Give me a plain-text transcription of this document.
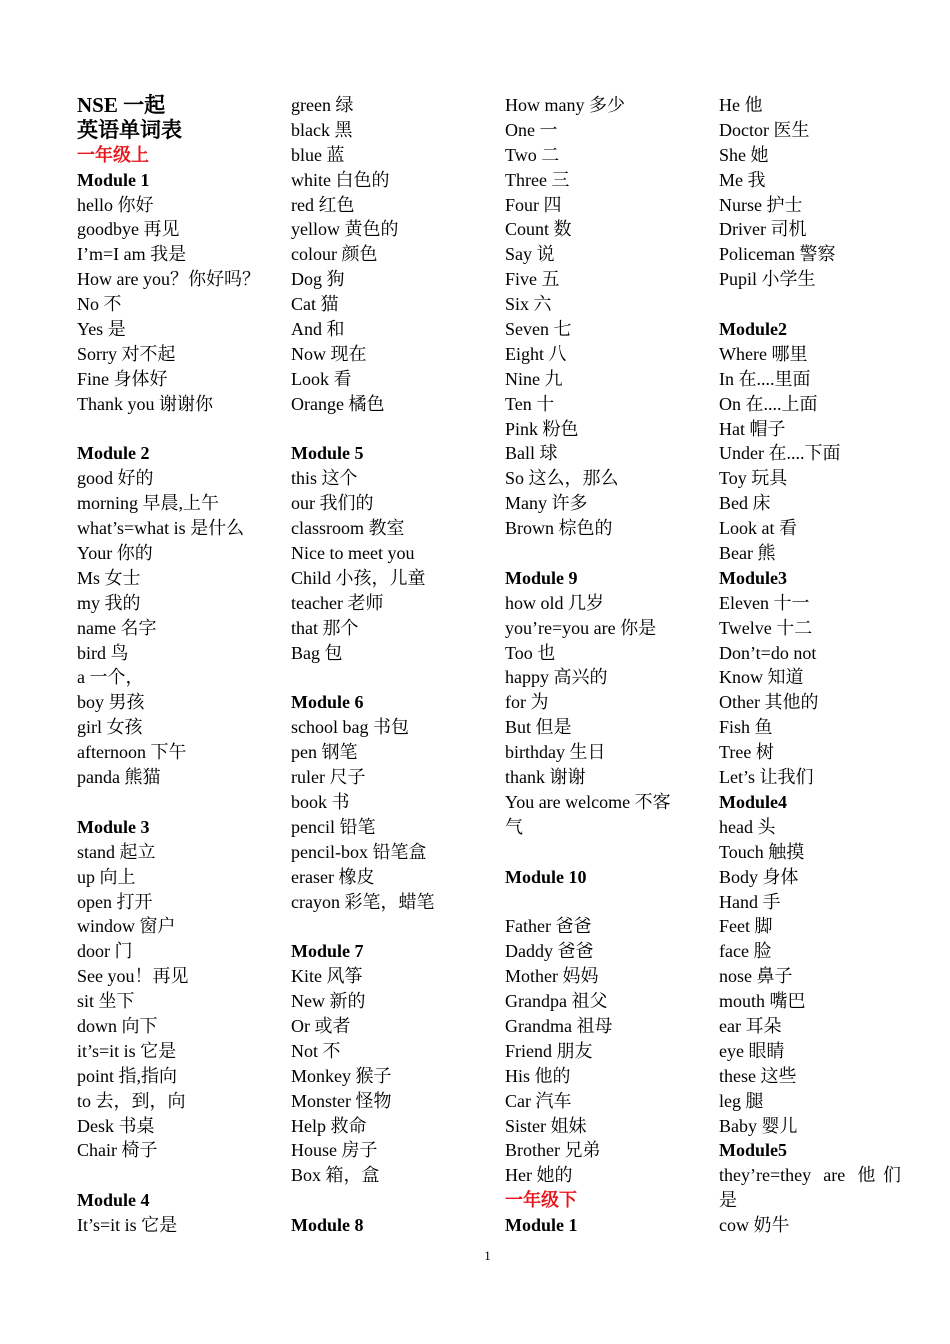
NSE 一起
英语单词表
一年级上
Module 1
hello 你好
goodbye 再见
I’m=I am 我是
How are you？你好吗？
No 不
Yes 是
Sorry 对不起
Fine 身体好
Thank you 谢谢你
Module 2
good 好的
morning 早晨,上午
what’s=what is 是什么
Your 你的
Ms 女士
my 我的
name 名字
bird 鸟
a 一个，
boy 男孩
girl 女孩
afternoon 下午
panda 熊猫
Module 3
stand 起立
up 向上
open 打开
window 窗户
door 门
See you！再见
sit 坐下
down 向下
it’s=it is 它是
point 指,指向
to 去，到，向
Desk 书桌
Chair 椅子
Module 4
It’s=it is 它是
green 绿
black 黑
blue 蓝
white 白色的
red 红色
yellow 黄色的
colour 颜色
Dog 狗
Cat 猫
And 和
Now 现在
Look 看
Orange 橘色
Module 5
this 这个
our 我们的
classroom 教室
Nice to meet you
Child 小孩，儿童
teacher 老师
that 那个
Bag 包
Module 6
school bag 书包
pen 钢笔
ruler 尺子
book 书
pencil 铅笔
pencil-box 铅笔盒
eraser 橡皮
crayon 彩笔，蜡笔
Module 7
Kite 风筝
New 新的
Or 或者
Not 不
Monkey 猴子
Monster 怪物
Help 救命
House 房子
Box 箱，盒
Module 8
How many 多少
One 一
Two 二
Three 三
Four 四
Count 数
Say 说
Five 五
Six 六
Seven 七
Eight 八
Nine 九
Ten 十
Pink 粉色
Ball 球
So 这么，那么
Many 许多
Brown 棕色的
Module 9
how old 几岁
you’re=you are 你是
Too 也
happy 高兴的
for 为
But 但是
birthday 生日
thank 谢谢
You are welcome 不客
气
Module 10
Father 爸爸
Daddy 爸爸
Mother 妈妈
Grandpa 祖父
Grandma 祖母
Friend 朋友
His 他的
Car 汽车
Sister 姐妹
Brother 兄弟
Her 她的
一年级下
Module 1
He 他
Doctor 医生
She 她
Me 我
Nurse 护士
Driver 司机
Policeman 警察
Pupil 小学生
Module2
Where 哪里
In 在....里面
On 在....上面
Hat 帽子
Under 在....下面
Toy 玩具
Bed 床
Look at 看
Bear 熊
Module3
Eleven 十一
Twelve 十二
Don’t=do not
Know 知道
Other 其他的
Fish 鱼
Tree 树
Let’s 让我们
Module4
head 头
Touch 触摸
Body 身体
Hand 手
Feet 脚
face 脸
nose 鼻子
mouth 嘴巴
ear 耳朵
eye 眼睛
these 这些
leg 腿
Baby 婴儿
Module5
they’re=they are 他们
是
cow 奶牛
1
